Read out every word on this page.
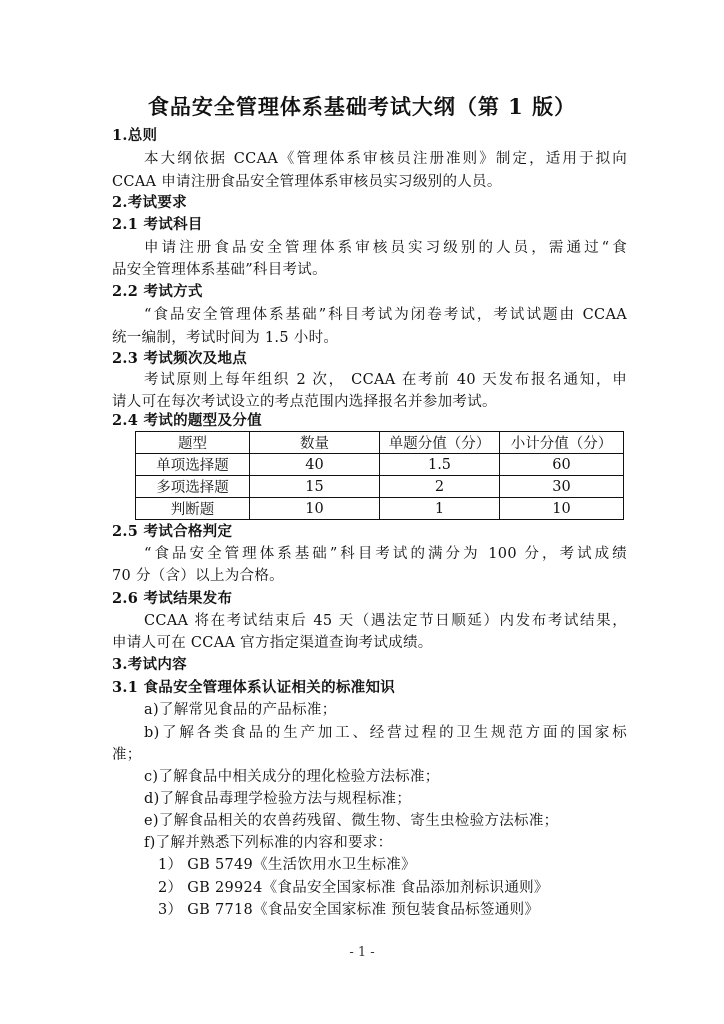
食品安全管理体系基础考试大纲（第 1 版）
1.总则
本大纲依据 CCAA《管理体系审核员注册准则》制定，适用于拟向
CCAA 申请注册食品安全管理体系审核员实习级别的人员。
2.考试要求
2.1 考试科目
申请注册食品安全管理体系审核员实习级别的人员，需通过“食
品安全管理体系基础”科目考试。
2.2 考试方式
“食品安全管理体系基础”科目考试为闭卷考试，考试试题由 CCAA
统一编制，考试时间为 1.5 小时。
2.3 考试频次及地点
考试原则上每年组织 2 次， CCAA 在考前 40 天发布报名通知，申
请人可在每次考试设立的考点范围内选择报名并参加考试。
2.4 考试的题型及分值
题型	数量	单题分值（分）	小计分值（分）
单项选择题	40	1.5	60
多项选择题	15	2	30
判断题	10	1	10
2.5 考试合格判定
“食品安全管理体系基础”科目考试的满分为 100 分，考试成绩
70 分（含）以上为合格。
2.6 考试结果发布
CCAA 将在考试结束后 45 天（遇法定节日顺延）内发布考试结果，
申请人可在 CCAA 官方指定渠道查询考试成绩。
3.考试内容
3.1 食品安全管理体系认证相关的标准知识
a)了解常见食品的产品标准；
b)了解各类食品的生产加工、经营过程的卫生规范方面的国家标
准；
c)了解食品中相关成分的理化检验方法标准；
d)了解食品毒理学检验方法与规程标准；
e)了解食品相关的农兽药残留、微生物、寄生虫检验方法标准；
f)了解并熟悉下列标准的内容和要求：
1） GB 5749《生活饮用水卫生标准》
2） GB 29924《食品安全国家标准 食品添加剂标识通则》
3） GB 7718《食品安全国家标准 预包装食品标签通则》
- 1 -
